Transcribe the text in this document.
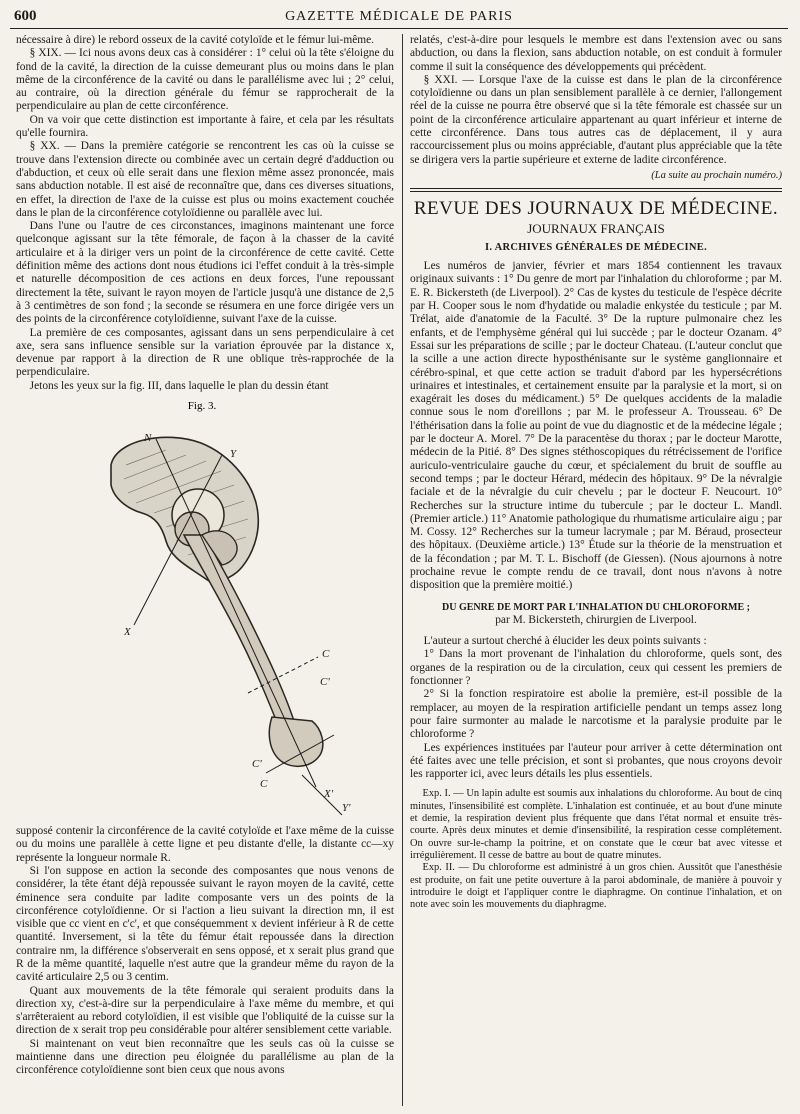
600	GAZETTE MÉDICALE DE PARIS

nécessaire à dire) le rebord osseux de la cavité cotyloïde et le fémur lui-même.

§ XIX. — Ici nous avons deux cas à considérer : 1° celui où la tête s'éloigne du fond de la cavité, la direction de la cuisse demeurant plus ou moins dans le plan même de la circonférence de la cavité ou dans le parallélisme avec lui ; 2° celui, au contraire, où la direction générale du fémur se rapprocherait de la perpendiculaire au plan de cette circonférence.

On va voir que cette distinction est importante à faire, et cela par les résultats qu'elle fournira.

§ XX. — Dans la première catégorie se rencontrent les cas où la cuisse se trouve dans l'extension directe ou combinée avec un certain degré d'adduction ou d'abduction, et ceux où elle serait dans une flexion même assez prononcée, mais sans abduction notable. Il est aisé de reconnaître que, dans ces diverses situations, en effet, la direction de l'axe de la cuisse est plus ou moins exactement couchée dans le plan de la circonférence cotyloïdienne ou parallèle avec lui.

Dans l'une ou l'autre de ces circonstances, imaginons maintenant une force quelconque agissant sur la tête fémorale, de façon à la chasser de la cavité articulaire et à la diriger vers un point de la circonférence de cette cavité. Cette définition même des actions dont nous étudions ici l'effet conduit à la très-simple et naturelle décomposition de ces actions en deux forces, l'une repoussant directement la tête, suivant le rayon moyen de l'article jusqu'à une distance de 2,5 à 3 centimètres de son fond ; la seconde se résumera en une force dirigée vers un des points de la circonférence cotyloïdienne, suivant l'axe de la cuisse.

La première de ces composantes, agissant dans un sens perpendiculaire à cet axe, sera sans influence sensible sur la variation éprouvée par la distance x, devenue par rapport à la direction de R une oblique très-rapprochée de la perpendiculaire.

Jetons les yeux sur la fig. III, dans laquelle le plan du dessin étant

Fig. 3.
N
Y
X
C
C'
C'
C
X'
Y'

supposé contenir la circonférence de la cavité cotyloïde et l'axe même de la cuisse ou du moins une parallèle à cette ligne et peu distante d'elle, la distante cc—xy représente la longueur normale R.

Si l'on suppose en action la seconde des composantes que nous venons de considérer, la tête étant déjà repoussée suivant le rayon moyen de la cavité, cette éminence sera conduite par ladite composante vers un des points de la circonférence cotyloïdienne. Or si l'action a lieu suivant la direction mn, il est visible que cc vient en c'c', et que conséquemment x devient inférieur à R de cette quantité. Inversement, si la tête du fémur était repoussée dans la direction contraire nm, la différence s'observerait en sens opposé, et x serait plus grand que R de la même quantité, laquelle n'est autre que la grandeur même du rayon de la cavité articulaire 2,5 ou 3 centim.

Quant aux mouvements de la tête fémorale qui seraient produits dans la direction xy, c'est-à-dire sur la perpendiculaire à l'axe même du membre, et qui s'arrêteraient au rebord cotyloïdien, il est visible que l'obliquité de la cuisse sur la direction de x serait trop peu considérable pour altérer sensiblement cette variable.

Si maintenant on veut bien reconnaître que les seuls cas où la cuisse se maintienne dans une direction peu éloignée du parallélisme au plan de la circonférence cotyloïdienne sont bien ceux que nous avons

relatés, c'est-à-dire pour lesquels le membre est dans l'extension avec ou sans abduction, ou dans la flexion, sans abduction notable, on est conduit à formuler comme il suit la conséquence des développements qui précèdent.

§ XXI. — Lorsque l'axe de la cuisse est dans le plan de la circonférence cotyloïdienne ou dans un plan sensiblement parallèle à ce dernier, l'allongement réel de la cuisse ne pourra être observé que si la tête fémorale est chassée sur un point de la circonférence articulaire appartenant au quart inférieur et interne de cette circonférence. Dans tous autres cas de déplacement, il y aura raccourcissement plus ou moins appréciable, d'autant plus appréciable que la tête se dirigera vers la partie supérieure et externe de ladite circonférence.

(La suite au prochain numéro.)
REVUE DES JOURNAUX DE MÉDECINE.
JOURNAUX FRANÇAIS
I. ARCHIVES GÉNÉRALES DE MÉDECINE.

Les numéros de janvier, février et mars 1854 contiennent les travaux originaux suivants : 1° Du genre de mort par l'inhalation du chloroforme ; par M. E. R. Bickersteth (de Liverpool). 2° Cas de kystes du testicule de l'espèce décrite par H. Cooper sous le nom d'hydatide ou maladie enkystée du testicule ; par M. Trélat, aide d'anatomie de la Faculté. 3° De la rupture pulmonaire chez les enfants, et de l'emphysème général qui lui succède ; par le docteur Ozanam. 4° Essai sur les préparations de scille ; par le docteur Chateau. (L'auteur conclut que la scille a une action directe hyposthénisante sur le système ganglionnaire et cérébro-spinal, et que cette action se traduit d'abord par les hypersécrétions urinaires et intestinales, et certainement ensuite par la paralysie et la mort, si on exagérait les doses du médicament.) 5° De quelques accidents de la maladie connue sous le nom d'oreillons ; par M. le professeur A. Trousseau. 6° De l'éthérisation dans la folie au point de vue du diagnostic et de la médecine légale ; par le docteur A. Morel. 7° De la paracentèse du thorax ; par le docteur Marotte, médecin de la Pitié. 8° Des signes stéthoscopiques du rétrécissement de l'orifice auriculo-ventriculaire gauche du cœur, et spécialement du bruit de souffle au second temps ; par le docteur Hérard, médecin des hôpitaux. 9° De la névralgie faciale et de la névralgie du cuir chevelu ; par le docteur F. Neucourt. 10° Recherches sur la structure intime du tubercule ; par le docteur L. Mandl. (Premier article.) 11° Anatomie pathologique du rhumatisme articulaire aigu ; par M. Cossy. 12° Recherches sur la tumeur lacrymale ; par M. Béraud, prosecteur des hôpitaux. (Deuxième article.) 13° Étude sur la théorie de la menstruation et de la fécondation ; par M. T. L. Bischoff (de Giessen). (Nous ajournons à notre prochaine revue le compte rendu de ce travail, dont nous n'avons à notre disposition que la première moitié.)

DU GENRE DE MORT PAR L'INHALATION DU CHLOROFORME ;
par M. Bickersteth, chirurgien de Liverpool.

L'auteur a surtout cherché à élucider les deux points suivants :

1° Dans la mort provenant de l'inhalation du chloroforme, quels sont, des organes de la respiration ou de la circulation, ceux qui cessent les premiers de fonctionner ?

2° Si la fonction respiratoire est abolie la première, est-il possible de la remplacer, au moyen de la respiration artificielle pendant un temps assez long pour faire surmonter au malade le narcotisme et la paralysie produite par le chloroforme ?

Les expériences instituées par l'auteur pour arriver à cette détermination ont été faites avec une telle précision, et sont si probantes, que nous croyons devoir les rapporter ici, avec leurs détails les plus essentiels.

Exp. I. — Un lapin adulte est soumis aux inhalations du chloroforme. Au bout de cinq minutes, l'insensibilité est complète. L'inhalation est continuée, et au bout d'une minute et demie, la respiration devient plus fréquente que dans l'état normal et ensuite très-courte. Après deux minutes et demie d'insensibilité, la respiration cesse complétement. On ouvre sur-le-champ la poitrine, et on constate que le cœur bat avec vitesse et irrégulièrement. Il cesse de battre au bout de quatre minutes.

Exp. II. — Du chloroforme est administré à un gros chien. Aussitôt que l'anesthésie est produite, on fait une petite ouverture à la paroi abdominale, de manière à pouvoir y introduire le doigt et l'appliquer contre le diaphragme. On continue l'inhalation, et on note avec soin les mouvements du diaphragme.
